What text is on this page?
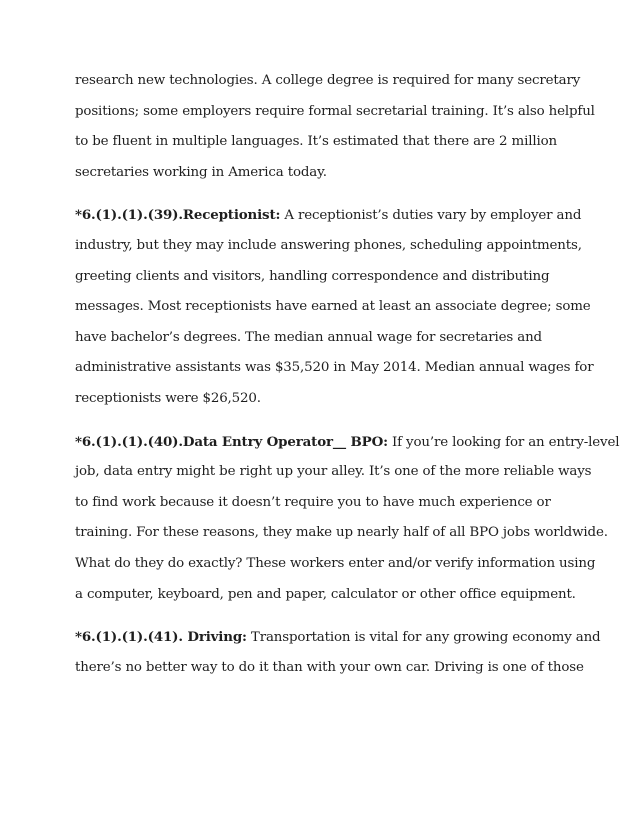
research new technologies. A college degree is required for many secretary
positions; some employers require formal secretarial training. It’s also helpful
to be fluent in multiple languages. It’s estimated that there are 2 million
secretaries working in America today.

*6.(1).(1).(39).Receptionist: A receptionist’s duties vary by employer and
industry, but they may include answering phones, scheduling appointments,
greeting clients and visitors, handling correspondence and distributing
messages. Most receptionists have earned at least an associate degree; some
have bachelor’s degrees. The median annual wage for secretaries and
administrative assistants was $35,520 in May 2014. Median annual wages for
receptionists were $26,520.

*6.(1).(1).(40).Data Entry Operator__ BPO: If you’re looking for an entry-level
job, data entry might be right up your alley. It’s one of the more reliable ways
to find work because it doesn’t require you to have much experience or
training. For these reasons, they make up nearly half of all BPO jobs worldwide.
What do they do exactly? These workers enter and/or verify information using
a computer, keyboard, pen and paper, calculator or other office equipment.

*6.(1).(1).(41). Driving: Transportation is vital for any growing economy and
there’s no better way to do it than with your own car. Driving is one of those
